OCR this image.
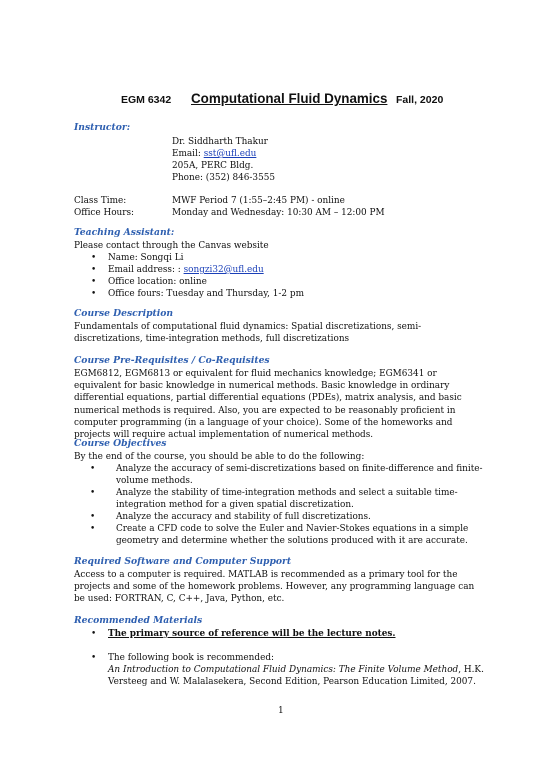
EGM 6342 Computational Fluid Dynamics Fall, 2020
Instructor:
Dr. Siddharth Thakur
Email: sst@ufl.edu
205A, PERC Bldg.
Phone: (352) 846-3555
Class Time:	MWF Period 7 (1:55–2:45 PM) - online
Office Hours:	Monday and Wednesday: 10:30 AM – 12:00 PM
Teaching Assistant:
Please contact through the Canvas website
• Name: Songqi Li
• Email address: : songzi32@ufl.edu
• Office location: online
• Office fours: Tuesday and Thursday, 1-2 pm
Course Description
Fundamentals of computational fluid dynamics: Spatial discretizations, semi-discretizations, time-integration methods, full discretizations
Course Pre-Requisites / Co-Requisites
EGM6812, EGM6813 or equivalent for fluid mechanics knowledge; EGM6341 or equivalent for basic knowledge in numerical methods. Basic knowledge in ordinary differential equations, partial differential equations (PDEs), matrix analysis, and basic numerical methods is required. Also, you are expected to be reasonably proficient in computer programming (in a language of your choice). Some of the homeworks and projects will require actual implementation of numerical methods.
Course Objectives
By the end of the course, you should be able to do the following:
• Analyze the accuracy of semi-discretizations based on finite-difference and finite-volume methods.
• Analyze the stability of time-integration methods and select a suitable time-integration method for a given spatial discretization.
• Analyze the accuracy and stability of full discretizations.
• Create a CFD code to solve the Euler and Navier-Stokes equations in a simple geometry and determine whether the solutions produced with it are accurate.
Required Software and Computer Support
Access to a computer is required. MATLAB is recommended as a primary tool for the projects and some of the homework problems. However, any programming language can be used: FORTRAN, C, C++, Java, Python, etc.
Recommended Materials
• The primary source of reference will be the lecture notes.
• The following book is recommended:
An Introduction to Computational Fluid Dynamics: The Finite Volume Method, H.K. Versteeg and W. Malalasekera, Second Edition, Pearson Education Limited, 2007.
1
